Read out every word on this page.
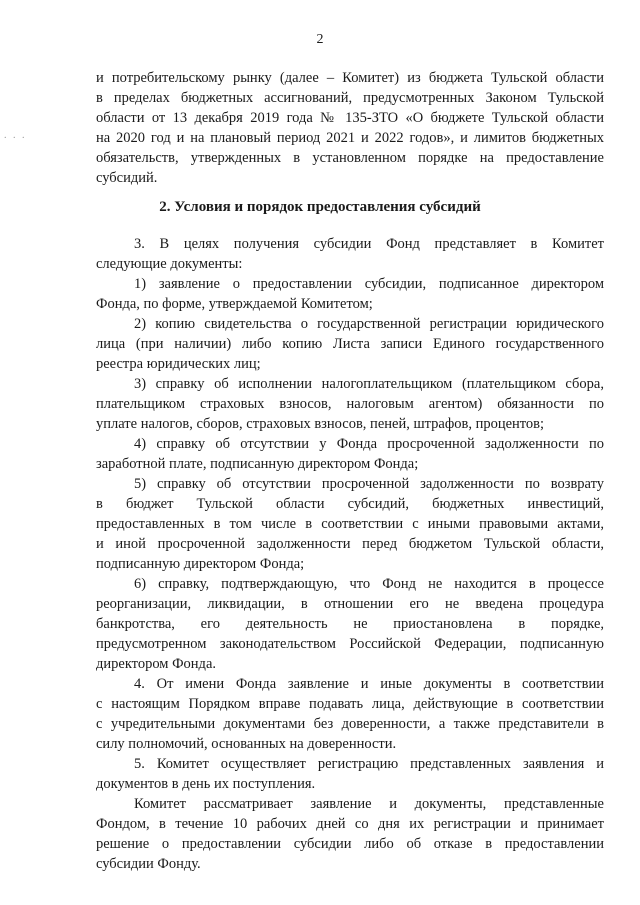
2
. . .
и потребительскому рынку (далее – Комитет) из бюджета Тульской области
в пределах бюджетных ассигнований, предусмотренных Законом Тульской
области от 13 декабря 2019 года № 135-ЗТО «О бюджете Тульской области
на 2020 год и на плановый период 2021 и 2022 годов», и лимитов бюджетных
обязательств, утвержденных в установленном порядке на предоставление
субсидий.
2. Условия и порядок предоставления субсидий
3. В целях получения субсидии Фонд представляет в Комитет
следующие документы:
1) заявление о предоставлении субсидии, подписанное директором
Фонда, по форме, утверждаемой Комитетом;
2) копию свидетельства о государственной регистрации юридического
лица (при наличии) либо копию Листа записи Единого государственного
реестра юридических лиц;
3) справку об исполнении налогоплательщиком (плательщиком сбора,
плательщиком страховых взносов, налоговым агентом) обязанности по
уплате налогов, сборов, страховых взносов, пеней, штрафов, процентов;
4) справку об отсутствии у Фонда просроченной задолженности по
заработной плате, подписанную директором Фонда;
5) справку об отсутствии просроченной задолженности по возврату
в бюджет Тульской области субсидий, бюджетных инвестиций,
предоставленных в том числе в соответствии с иными правовыми актами,
и иной просроченной задолженности перед бюджетом Тульской области,
подписанную директором Фонда;
6) справку, подтверждающую, что Фонд не находится в процессе
реорганизации, ликвидации, в отношении его не введена процедура
банкротства, его деятельность не приостановлена в порядке,
предусмотренном законодательством Российской Федерации, подписанную
директором Фонда.
4. От имени Фонда заявление и иные документы в соответствии
с настоящим Порядком вправе подавать лица, действующие в соответствии
с учредительными документами без доверенности, а также представители в
силу полномочий, основанных на доверенности.
5. Комитет осуществляет регистрацию представленных заявления и
документов в день их поступления.
Комитет рассматривает заявление и документы, представленные
Фондом, в течение 10 рабочих дней со дня их регистрации и принимает
решение о предоставлении субсидии либо об отказе в предоставлении
субсидии Фонду.
